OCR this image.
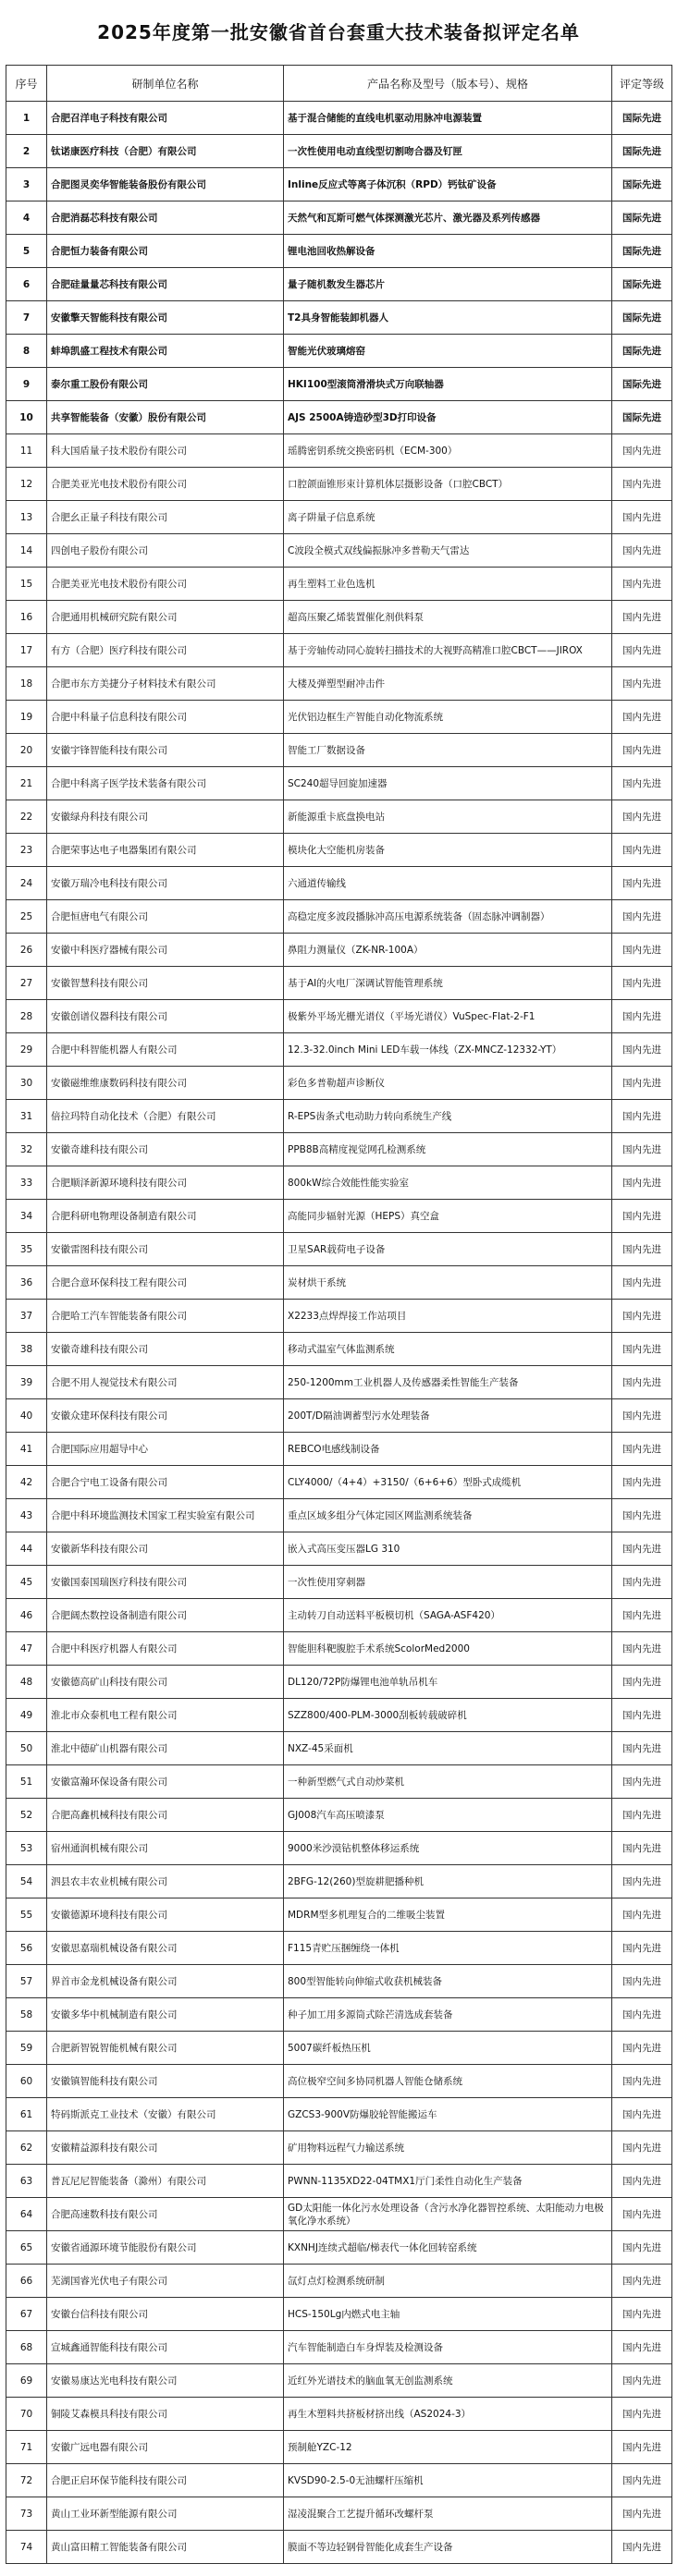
2025年度第一批安徽省首台套重大技术装备拟评定名单
序号	研制单位名称	产品名称及型号（版本号）、规格	评定等级
1	合肥召洋电子科技有限公司	基于混合储能的直线电机驱动用脉冲电源装置	国际先进
2	钛诺康医疗科技（合肥）有限公司	一次性使用电动直线型切割吻合器及钉匣	国际先进
3	合肥图灵奕华智能装备股份有限公司	Inline反应式等离子体沉积（RPD）钙钛矿设备	国际先进
4	合肥消磊芯科技有限公司	天然气和瓦斯可燃气体探测激光芯片、激光器及系列传感器	国际先进
5	合肥恒力装备有限公司	锂电池回收热解设备	国际先进
6	合肥硅量量芯科技有限公司	量子随机数发生器芯片	国际先进
7	安徽擎天智能科技有限公司	T2具身智能装卸机器人	国际先进
8	蚌埠凯盛工程技术有限公司	智能光伏玻璃熔窑	国际先进
9	泰尔重工股份有限公司	HKI100型滚筒滑滑块式万向联轴器	国际先进
10	共享智能装备（安徽）股份有限公司	AJS 2500A铸造砂型3D打印设备	国际先进
11	科大国盾量子技术股份有限公司	瑶腾密钥系统交换密码机（ECM-300）	国内先进
12	合肥美亚光电技术股份有限公司	口腔颌面锥形束计算机体层摄影设备（口腔CBCT）	国内先进
13	合肥幺正量子科技有限公司	离子阱量子信息系统	国内先进
14	四创电子股份有限公司	C波段全模式双线偏振脉冲多普勒天气雷达	国内先进
15	合肥美亚光电技术股份有限公司	再生塑料工业色选机	国内先进
16	合肥通用机械研究院有限公司	超高压聚乙烯装置催化剂供料泵	国内先进
17	有方（合肥）医疗科技有限公司	基于旁轴传动同心旋转扫描技术的大视野高精准口腔CBCT——JIROX	国内先进
18	合肥市东方美捷分子材料技术有限公司	大楼及弹塑型耐冲击件	国内先进
19	合肥中科量子信息科技有限公司	光伏铝边框生产智能自动化物流系统	国内先进
20	安徽宇锋智能科技有限公司	智能工厂数据设备	国内先进
21	合肥中科离子医学技术装备有限公司	SC240超导回旋加速器	国内先进
22	安徽绿舟科技有限公司	新能源重卡底盘换电站	国内先进
23	合肥荣事达电子电器集团有限公司	模块化大空能机房装备	国内先进
24	安徽万瑞冷电科技有限公司	六通道传输线	国内先进
25	合肥恒唐电气有限公司	高稳定度多波段播脉冲高压电源系统装备（固态脉冲调制器）	国内先进
26	安徽中科医疗器械有限公司	鼻阻力测量仪（ZK-NR-100A）	国内先进
27	安徽智慧科技有限公司	基于AI的火电厂深调试智能管理系统	国内先进
28	安徽创谱仪器科技有限公司	极紫外平场光栅光谱仪（平场光谱仪）VuSpec-Flat-2-F1	国内先进
29	合肥中科智能机器人有限公司	12.3-32.0inch Mini LED车载一体线（ZX-MNCZ-12332-YT）	国内先进
30	安徽磁维维康数码科技有限公司	彩色多普勒超声诊断仪	国内先进
31	倍拉玛特自动化技术（合肥）有限公司	R-EPS齿条式电动助力转向系统生产线	国内先进
32	安徽奇雄科技有限公司	PPB8B高精度视觉网孔检测系统	国内先进
33	合肥顺泽新源环境科技有限公司	800kW综合效能性能实验室	国内先进
34	合肥科研电物理设备制造有限公司	高能同步辐射光源（HEPS）真空盒	国内先进
35	安徽雷图科技有限公司	卫星SAR载荷电子设备	国内先进
36	合肥合意环保科技工程有限公司	炭材烘干系统	国内先进
37	合肥哈工汽车智能装备有限公司	X2233点焊焊接工作站项目	国内先进
38	安徽奇雄科技有限公司	移动式温室气体监测系统	国内先进
39	合肥不用人视觉技术有限公司	250-1200mm工业机器人及传感器柔性智能生产装备	国内先进
40	安徽众建环保科技有限公司	200T/D隔油调蓄型污水处理装备	国内先进
41	合肥国际应用超导中心	REBCO电感线制设备	国内先进
42	合肥合宁电工设备有限公司	CLY4000/（4+4）+3150/（6+6+6）型卧式成缆机	国内先进
43	合肥中科环境监测技术国家工程实验室有限公司	重点区域多组分气体定园区网监测系统装备	国内先进
44	安徽新华科技有限公司	嵌入式高压变压器LG 310	国内先进
45	安徽国泰国瑞医疗科技有限公司	一次性使用穿刺器	国内先进
46	合肥阔杰数控设备制造有限公司	主动转刀自动送料平板模切机（SAGA-ASF420）	国内先进
47	合肥中科医疗机器人有限公司	智能胆科靶腹腔手术系统ScolorMed2000	国内先进
48	安徽德高矿山科技有限公司	DL120/72P防爆锂电池单轨吊机车	国内先进
49	淮北市众泰机电工程有限公司	SZZ800/400-PLM-3000刮板转载破碎机	国内先进
50	淮北中德矿山机器有限公司	NXZ-45采面机	国内先进
51	安徽富瀚环保设备有限公司	一种新型燃气式自动炒菜机	国内先进
52	合肥高鑫机械科技有限公司	GJ008汽车高压喷漆泵	国内先进
53	宿州通润机械有限公司	9000米沙漠钻机整体移运系统	国内先进
54	泗县农丰农业机械有限公司	2BFG-12(260)型旋耕肥播种机	国内先进
55	安徽德源环境科技有限公司	MDRM型多机理复合的二维吸尘装置	国内先进
56	安徽思嘉瑞机械设备有限公司	F115青贮压捆缠绕一体机	国内先进
57	界首市金龙机械设备有限公司	800型智能转向伸缩式收获机械装备	国内先进
58	安徽多华中机械制造有限公司	种子加工用多源筒式除芒清选成套装备	国内先进
59	合肥新智锐智能机械有限公司	5007碳纤板热压机	国内先进
60	安徽镇智能科技有限公司	高位极窄空间多协同机器人智能仓储系统	国内先进
61	特码斯派克工业技术（安徽）有限公司	GZCS3-900V防爆胶轮智能搬运车	国内先进
62	安徽精益源科技有限公司	矿用物料远程气力输送系统	国内先进
63	普瓦尼尼智能装备（滁州）有限公司	PWNN-1135XD22-04TMX1厅门柔性自动化生产装备	国内先进
64	合肥高速数科技有限公司	GD太阳能一体化污水处理设备（含污水净化器智控系统、太阳能动力电极氧化净水系统）	国内先进
65	安徽省通源环境节能股份有限公司	KXNHJ连续式超临/梯表代一体化回转窑系统	国内先进
66	芜湖国睿光伏电子有限公司	氙灯点灯检测系统研制	国内先进
67	安徽台信科技有限公司	HCS-150Lg内燃式电主轴	国内先进
68	宣城鑫通智能科技有限公司	汽车智能制造白车身焊装及检测设备	国内先进
69	安徽易康达光电科技有限公司	近红外光谱技术的脑血氧无创监测系统	国内先进
70	铜陵艾森模具科技有限公司	再生木塑料共挤板材挤出线（AS2024-3）	国内先进
71	安徽广远电器有限公司	预制舱YZC-12	国内先进
72	合肥正启环保节能科技有限公司	KVSD90-2.5-0无油螺杆压缩机	国内先进
73	黄山工业环新型能源有限公司	湿凌混聚合工艺提升循环改螺杆泵	国内先进
74	黄山富田精工智能装备有限公司	膜面不等边轻钢骨智能化成套生产设备	国内先进
